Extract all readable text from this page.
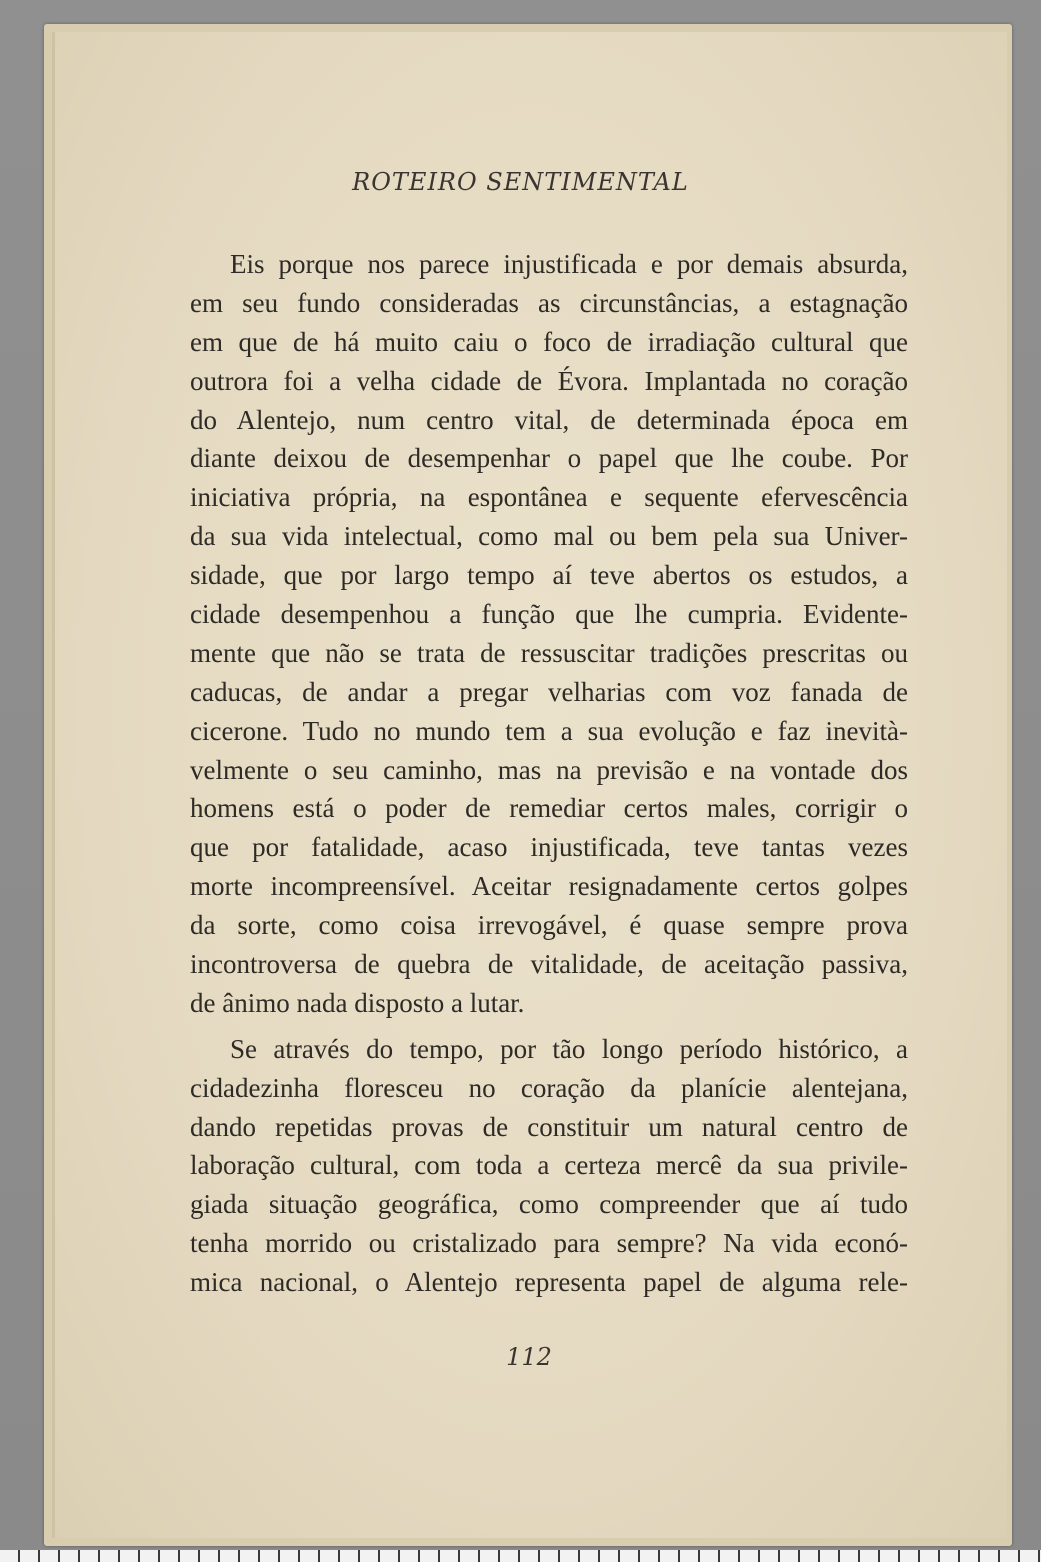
ROTEIRO SENTIMENTAL

Eis porque nos parece injustificada e por demais absurda,
em seu fundo consideradas as circunstâncias, a estagnação
em que de há muito caiu o foco de irradiação cultural que
outrora foi a velha cidade de Évora. Implantada no coração
do Alentejo, num centro vital, de determinada época em
diante deixou de desempenhar o papel que lhe coube. Por
iniciativa própria, na espontânea e sequente efervescência
da sua vida intelectual, como mal ou bem pela sua Univer-
sidade, que por largo tempo aí teve abertos os estudos, a
cidade desempenhou a função que lhe cumpria. Evidente-
mente que não se trata de ressuscitar tradições prescritas ou
caducas, de andar a pregar velharias com voz fanada de
cicerone. Tudo no mundo tem a sua evolução e faz inevità-
velmente o seu caminho, mas na previsão e na vontade dos
homens está o poder de remediar certos males, corrigir o
que por fatalidade, acaso injustificada, teve tantas vezes
morte incompreensível. Aceitar resignadamente certos golpes
da sorte, como coisa irrevogável, é quase sempre prova
incontroversa de quebra de vitalidade, de aceitação passiva,
de ânimo nada disposto a lutar.

Se através do tempo, por tão longo período histórico, a
cidadezinha floresceu no coração da planície alentejana,
dando repetidas provas de constituir um natural centro de
laboração cultural, com toda a certeza mercê da sua privile-
giada situação geográfica, como compreender que aí tudo
tenha morrido ou cristalizado para sempre? Na vida econó-
mica nacional, o Alentejo representa papel de alguma rele-

112
